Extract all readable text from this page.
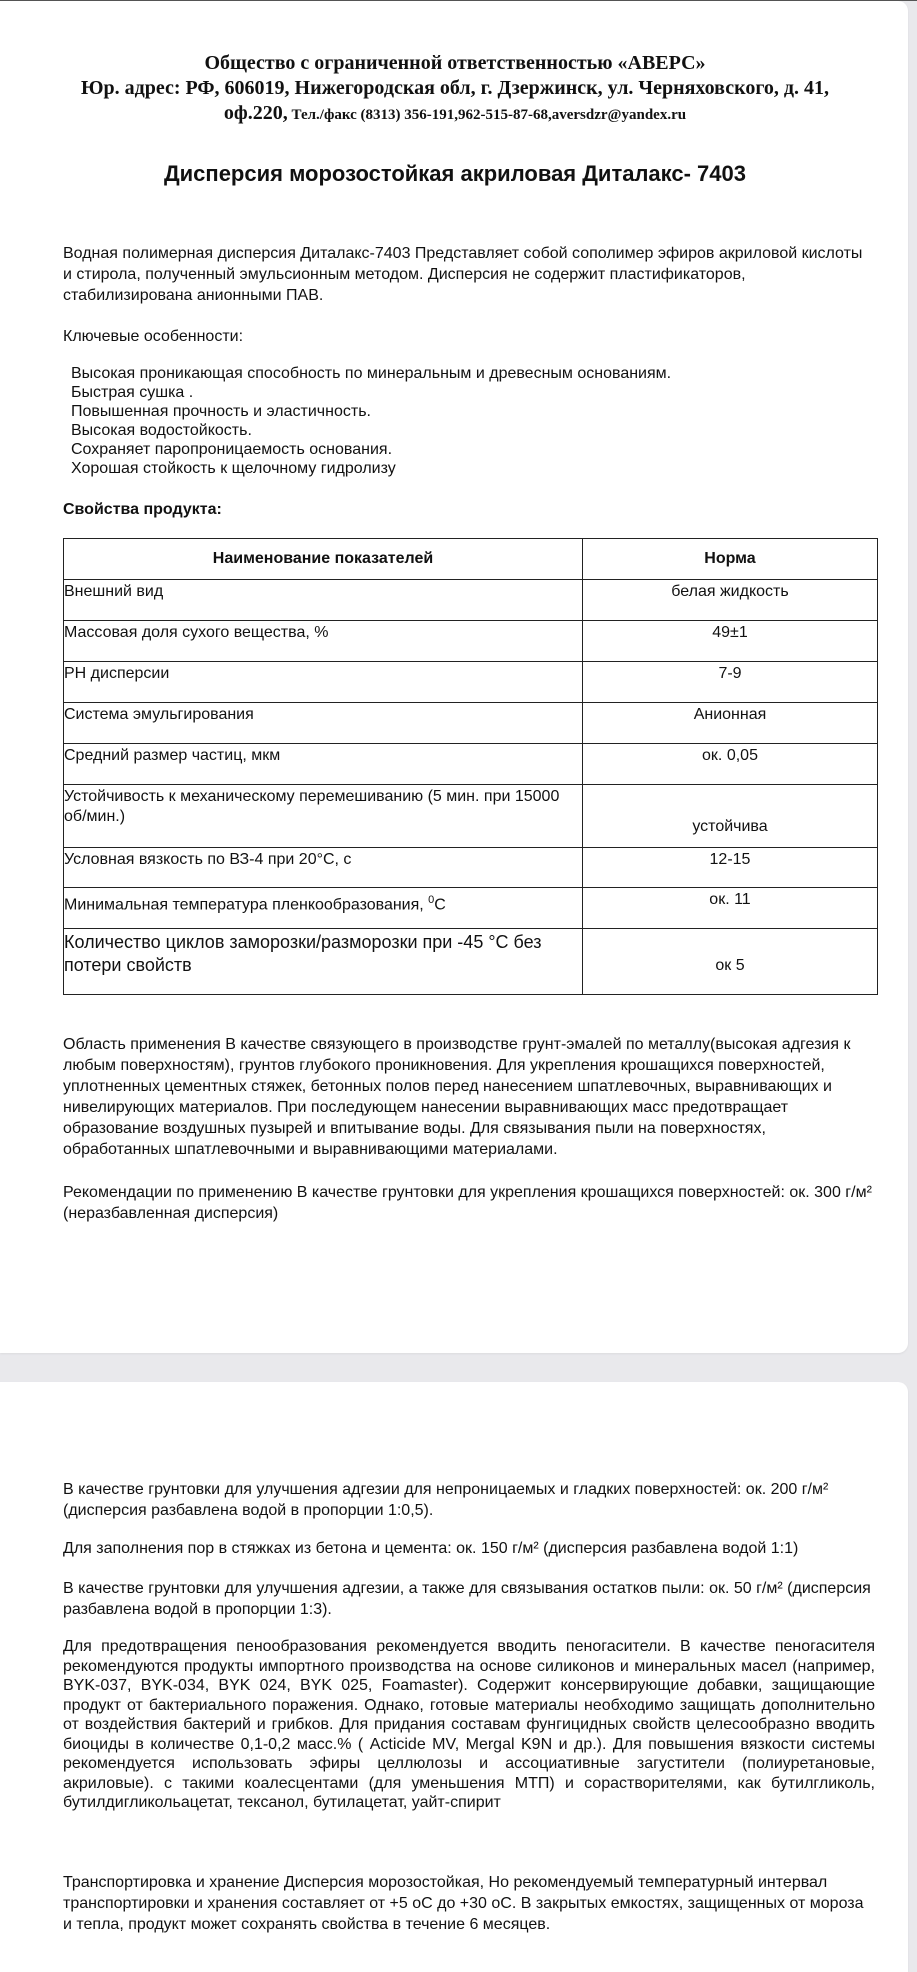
Общество с ограниченной ответственностью «АВЕРС»
Юр. адрес: РФ, 606019, Нижегородская обл, г. Дзержинск, ул. Черняховского, д. 41,
оф.220, Тел./факс (8313) 356-191,962-515-87-68,aversdzr@yandex.ru
Дисперсия морозостойкая акриловая Диталакс- 7403

Водная полимерная дисперсия Диталакс-7403 Представляет собой сополимер эфиров акриловой кислоты и стирола, полученный эмульсионным методом. Дисперсия не содержит пластификаторов, стабилизирована анионными ПАВ.

Ключевые особенности:

Высокая проникающая способность по минеральным и древесным основаниям.
Быстрая сушка .
Повышенная прочность и эластичность.
Высокая водостойкость.
Сохраняет паропроницаемость основания.
Хорошая стойкость к щелочному гидролизу
Свойства продукта:
Наименование показателей	Норма
Внешний вид	белая жидкость
Массовая доля сухого вещества, %	49±1
PH дисперсии	7-9
Система эмульгирования	Анионная
Средний размер частиц, мкм	ок. 0,05
Устойчивость к механическому перемешиванию (5 мин. при 15000 об/мин.)	устойчива
Условная вязкость по ВЗ-4 при 20°С, с	12-15
Минимальная температура пленкообразования, $^0$С	ок. 11
Количество циклов заморозки/разморозки при -45 °С без потери свойств	ок 5

Область применения В качестве связующего в производстве грунт-эмалей по металлу(высокая адгезия к любым поверхностям), грунтов глубокого проникновения. Для укрепления крошащихся поверхностей, уплотненных цементных стяжек, бетонных полов перед нанесением шпатлевочных, выравнивающих и нивелирующих материалов. При последующем нанесении выравнивающих масс предотвращает образование воздушных пузырей и впитывание воды. Для связывания пыли на поверхностях, обработанных шпатлевочными и выравнивающими материалами.

Рекомендации по применению В качестве грунтовки для укрепления крошащихся поверхностей: ок. 300 г/м² (неразбавленная дисперсия)

В качестве грунтовки для улучшения адгезии для непроницаемых и гладких поверхностей: ок. 200 г/м² (дисперсия разбавлена водой в пропорции 1:0,5).

Для заполнения пор в стяжках из бетона и цемента: ок. 150 г/м² (дисперсия разбавлена водой 1:1)

В качестве грунтовки для улучшения адгезии, а также для связывания остатков пыли: ок. 50 г/м² (дисперсия разбавлена водой в пропорции 1:3).

Для предотвращения пенообразования рекомендуется вводить пеногасители. В качестве пеногасителя рекомендуются продукты импортного производства на основе силиконов и минеральных масел (например, BYK-037, BYK-034, BYK 024, BYK 025, Foamaster). Содержит консервирующие добавки, защищающие продукт от бактериального поражения. Однако, готовые материалы необходимо защищать дополнительно от воздействия бактерий и грибков. Для придания составам фунгицидных свойств целесообразно вводить биоциды в количестве 0,1-0,2 масс.% ( Acticide MV, Mergal K9N и др.). Для повышения вязкости системы рекомендуется использовать эфиры целлюлозы и ассоциативные загустители (полиуретановые, акриловые). с такими коалесцентами (для уменьшения МТП) и сорастворителями, как бутилгликоль, бутилдигликольацетат, тексанол, бутилацетат, уайт-спирит

Транспортировка и хранение Дисперсия морозостойкая, Но рекомендуемый температурный интервал транспортировки и хранения составляет от +5 оС до +30 оС. В закрытых емкостях, защищенных от мороза и тепла, продукт может сохранять свойства в течение 6 месяцев.
